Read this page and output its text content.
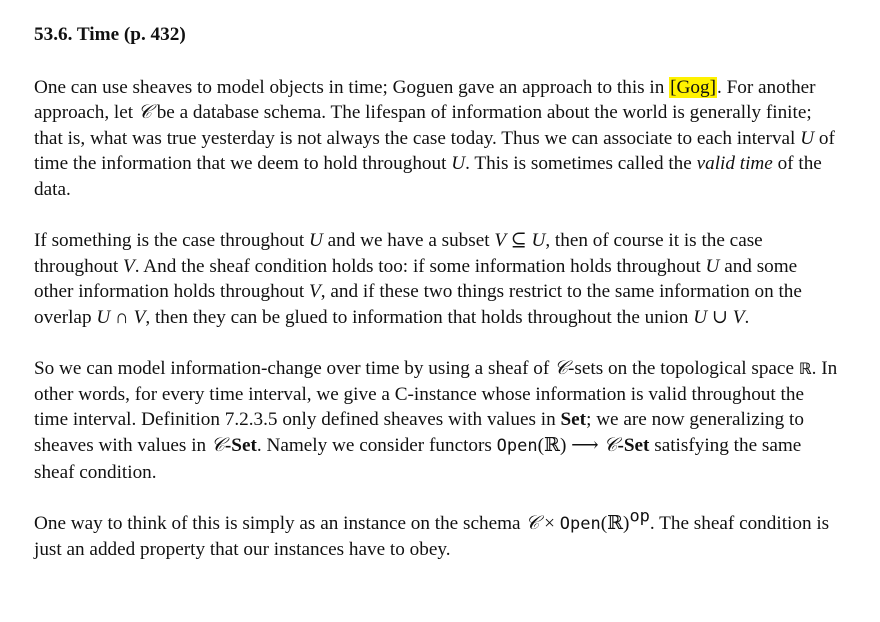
53.6. Time (p. 432)

One can use sheaves to model objects in time; Goguen gave an approach to this in [Gog]. For another approach, let 𝒞 be a database schema. The lifespan of information about the world is generally finite; that is, what was true yesterday is not always the case today. Thus we can associate to each interval U of time the information that we deem to hold throughout U. This is sometimes called the valid time of the data.

If something is the case throughout U and we have a subset V ⊆ U, then of course it is the case throughout V. And the sheaf condition holds too: if some information holds throughout U and some other information holds throughout V, and if these two things restrict to the same information on the overlap U ∩ V, then they can be glued to information that holds throughout the union U ∪ V.

So we can model information-change over time by using a sheaf of 𝒞-sets on the topological space ℝ. In other words, for every time interval, we give a C-instance whose information is valid throughout the time interval. Definition 7.2.3.5 only defined sheaves with values in Set; we are now generalizing to sheaves with values in 𝒞-Set. Namely we consider functors Open(ℝ) ⟶ 𝒞-Set satisfying the same sheaf condition.

One way to think of this is simply as an instance on the schema 𝒞 × Open(ℝ)$^{op}$. The sheaf condition is just an added property that our instances have to obey.
